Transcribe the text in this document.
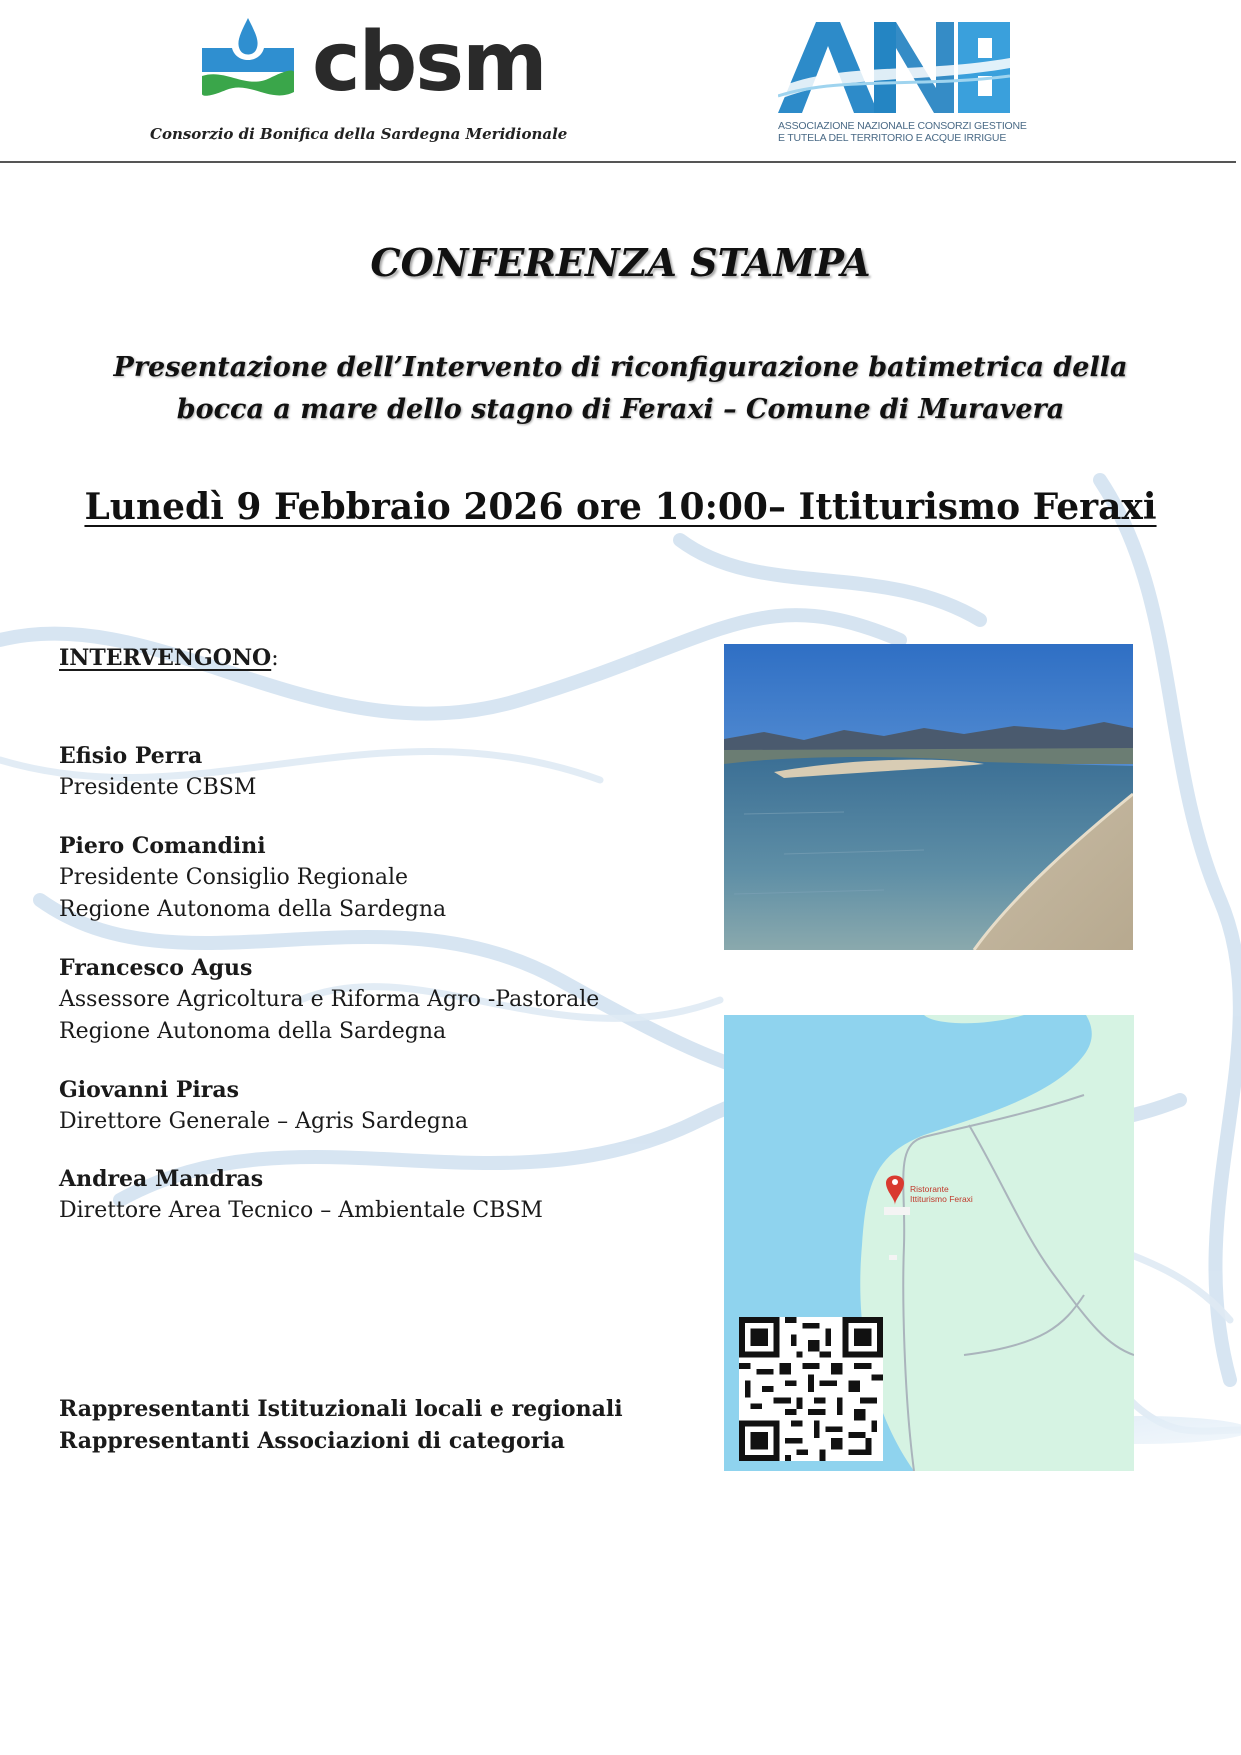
cbsm
Consorzio di Bonifica della Sardegna Meridionale	ASSOCIAZIONE NAZIONALE CONSORZI GESTIONE
E TUTELA DEL TERRITORIO E ACQUE IRRIGUE
CONFERENZA STAMPA
Presentazione dell’Intervento di riconfigurazione batimetrica della
bocca a mare dello stagno di Feraxi – Comune di Muravera
Lunedì 9 Febbraio 2026 ore 10:00– Ittiturismo Feraxi
INTERVENGONO:
Efisio Perra
Presidente CBSM
Piero Comandini
Presidente Consiglio Regionale
Regione Autonoma della Sardegna
Francesco Agus
Assessore Agricoltura e Riforma Agro -Pastorale
Regione Autonoma della Sardegna
Giovanni Piras
Direttore Generale – Agris Sardegna
Andrea Mandras
Direttore Area Tecnico – Ambientale CBSM
Rappresentanti Istituzionali locali e regionali
Rappresentanti Associazioni di categoria
Ristorante
Ittiturismo Feraxi
